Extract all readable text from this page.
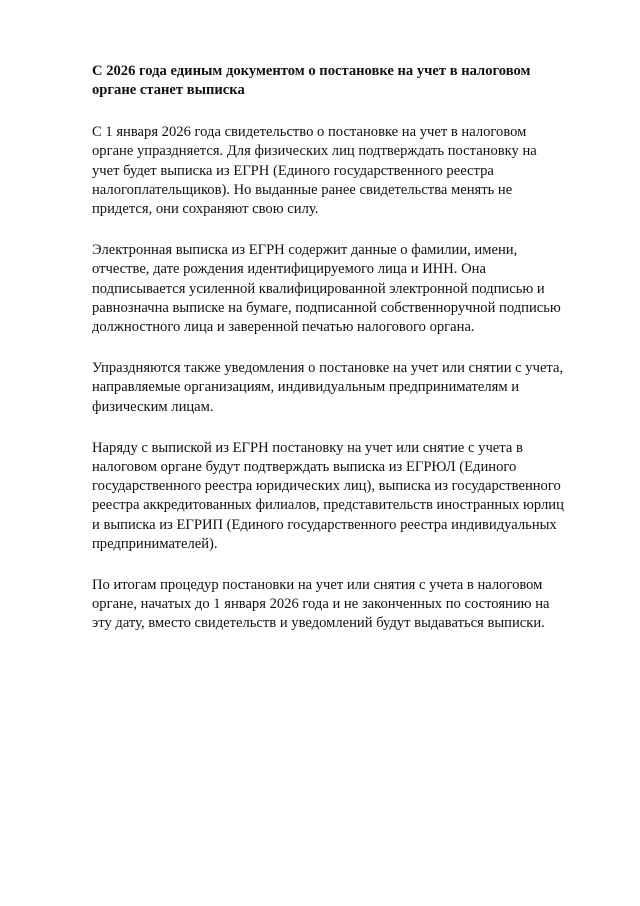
С 2026 года единым документом о постановке на учет в налоговом органе станет выписка

С 1 января 2026 года свидетельство о постановке на учет в налоговом органе упраздняется. Для физических лиц подтверждать постановку на учет будет выписка из ЕГРН (Единого государственного реестра налогоплательщиков). Но выданные ранее свидетельства менять не придется, они сохраняют свою силу.

Электронная выписка из ЕГРН содержит данные о фамилии, имени, отчестве, дате рождения идентифицируемого лица и ИНН. Она подписывается усиленной квалифицированной электронной подписью и равнозначна выписке на бумаге, подписанной собственноручной подписью должностного лица и заверенной печатью налогового органа.

Упраздняются также уведомления о постановке на учет или снятии с учета, направляемые организациям, индивидуальным предпринимателям и физическим лицам.

Наряду с выпиской из ЕГРН постановку на учет или снятие с учета в налоговом органе будут подтверждать выписка из ЕГРЮЛ (Единого государственного реестра юридических лиц), выписка из государственного реестра аккредитованных филиалов, представительств иностранных юрлиц и выписка из ЕГРИП (Единого государственного реестра индивидуальных предпринимателей).

По итогам процедур постановки на учет или снятия с учета в налоговом органе, начатых до 1 января 2026 года и не законченных по состоянию на эту дату, вместо свидетельств и уведомлений будут выдаваться выписки.
